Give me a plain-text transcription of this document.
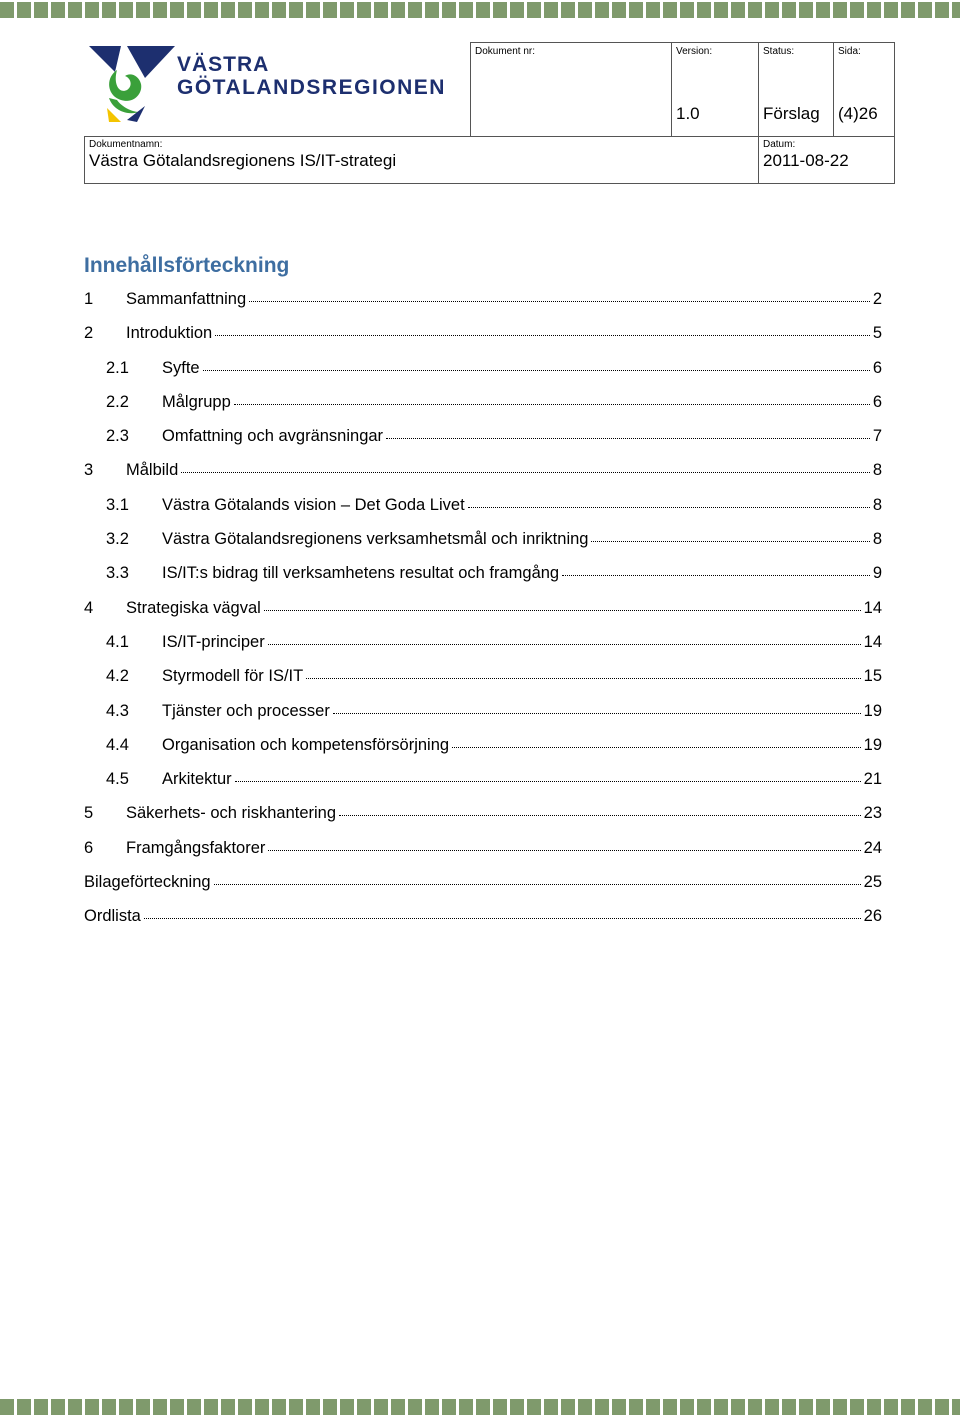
VÄSTRA
GÖTALANDSREGIONEN
Dokument nr:	Version:
1.0
Status:
Förslag
Sida:
(4)26
Dokumentnamn:
Västra Götalandsregionens IS/IT-strategi
Datum:
2011-08-22
Innehållsförteckning
1	Sammanfattning	2
2	Introduktion	5
2.1	Syfte	6
2.2	Målgrupp	6
2.3	Omfattning och avgränsningar	7
3	Målbild	8
3.1	Västra Götalands vision – Det Goda Livet	8
3.2	Västra Götalandsregionens verksamhetsmål och inriktning	8
3.3	IS/IT:s bidrag till verksamhetens resultat och framgång	9
4	Strategiska vägval	14
4.1	IS/IT-principer	14
4.2	Styrmodell för IS/IT	15
4.3	Tjänster och processer	19
4.4	Organisation och kompetensförsörjning	19
4.5	Arkitektur	21
5	Säkerhets- och riskhantering	23
6	Framgångsfaktorer	24
Bilageförteckning	25
Ordlista	26
